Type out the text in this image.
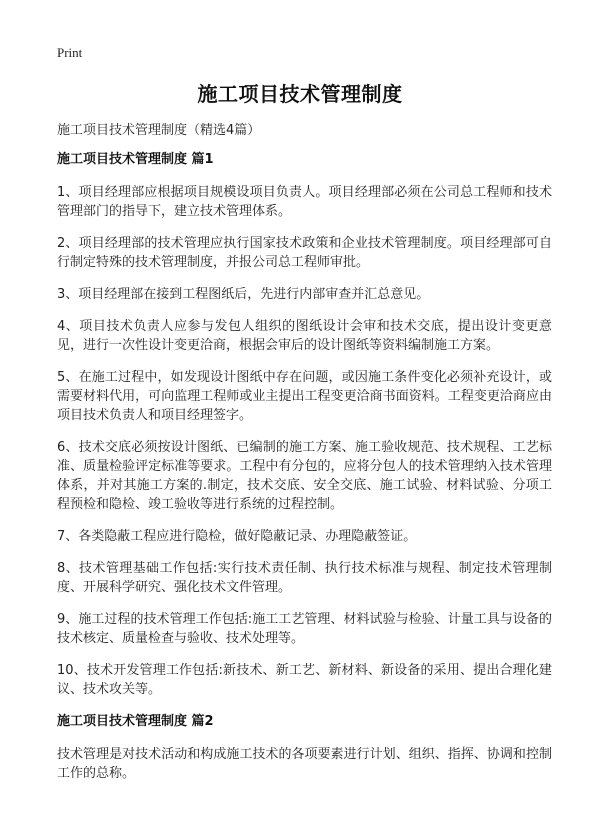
Print
施工项目技术管理制度
施工项目技术管理制度（精选4篇）
施工项目技术管理制度 篇1

1、项目经理部应根据项目规模设项目负责人。项目经理部必须在公司总工程师和技术管理部门的指导下，建立技术管理体系。

2、项目经理部的技术管理应执行国家技术政策和企业技术管理制度。项目经理部可自行制定特殊的技术管理制度，并报公司总工程师审批。

3、项目经理部在接到工程图纸后，先进行内部审查并汇总意见。

4、项目技术负责人应参与发包人组织的图纸设计会审和技术交底，提出设计变更意见，进行一次性设计变更洽商，根据会审后的设计图纸等资料编制施工方案。

5、在施工过程中，如发现设计图纸中存在问题，或因施工条件变化必须补充设计，或需要材料代用，可向监理工程师或业主提出工程变更洽商书面资料。工程变更洽商应由项目技术负责人和项目经理签字。

6、技术交底必须按设计图纸、已编制的施工方案、施工验收规范、技术规程、工艺标准、质量检验评定标准等要求。工程中有分包的，应将分包人的技术管理纳入技术管理体系，并对其施工方案的.制定，技术交底、安全交底、施工试验、材料试验、分项工程预检和隐检、竣工验收等进行系统的过程控制。

7、各类隐蔽工程应进行隐检，做好隐蔽记录、办理隐蔽签证。

8、技术管理基础工作包括:实行技术责任制、执行技术标准与规程、制定技术管理制度、开展科学研究、强化技术文件管理。

9、施工过程的技术管理工作包括:施工工艺管理、材料试验与检验、计量工具与设备的技术核定、质量检查与验收、技术处理等。

10、技术开发管理工作包括:新技术、新工艺、新材料、新设备的采用、提出合理化建议、技术攻关等。

施工项目技术管理制度 篇2

技术管理是对技术活动和构成施工技术的各项要素进行计划、组织、指挥、协调和控制工作的总称。
